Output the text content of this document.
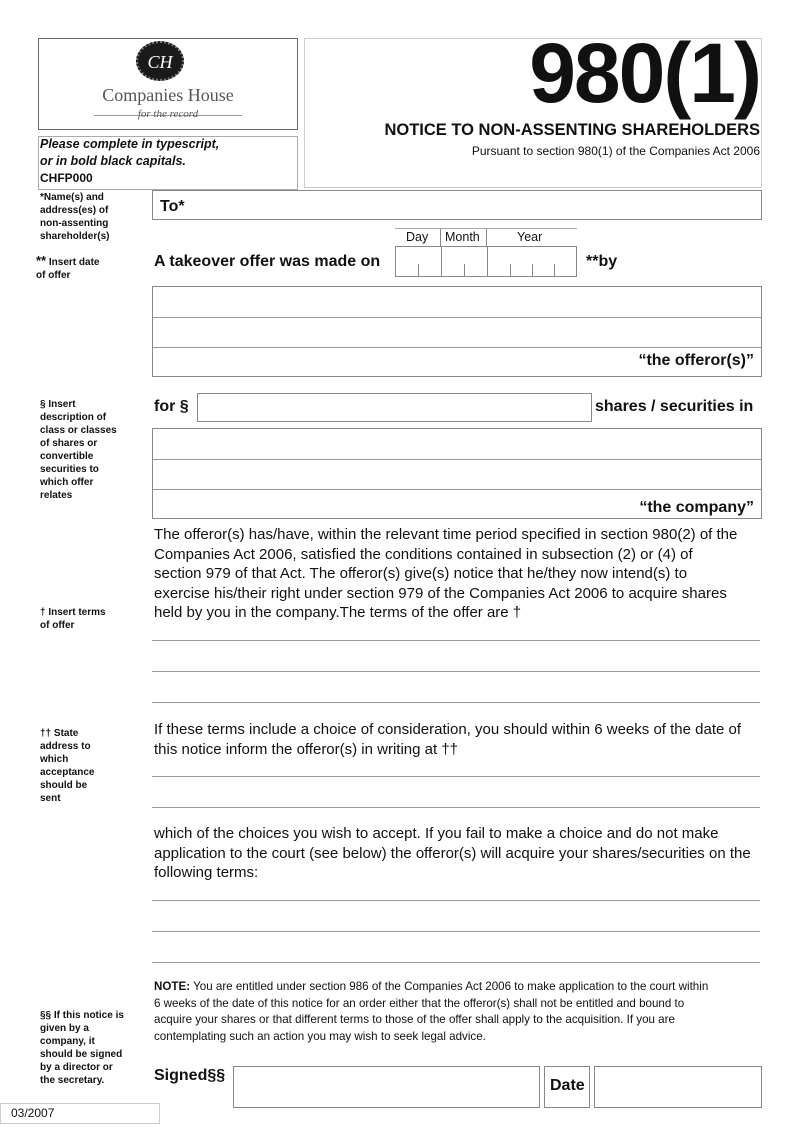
CH
Companies House
for the record
Please complete in typescript,
or in bold black capitals.
CHFP000
980(1)
NOTICE TO NON-ASSENTING SHAREHOLDERS
Pursuant to section 980(1) of the Companies Act 2006
*Name(s) and
address(es) of
non-assenting
shareholder(s)
** Insert date
of offer
§ Insert
description of
class or classes
of shares or
convertible
securities to
which offer
relates
† Insert terms
of offer
†† State
address to
which
acceptance
should be
sent
§§ If this notice is
given by a
company, it
should be signed
by a director or
the secretary.
To*
Day Month	Year
A takeover offer was made on	**by
“the offeror(s)”
for §	shares / securities in
“the company”
The offeror(s) has/have, within the relevant time period specified in section 980(2) of the
Companies Act 2006, satisfied the conditions contained in subsection (2) or (4) of
section 979 of that Act. The offeror(s) give(s) notice that he/they now intend(s) to
exercise his/their right under section 979 of the Companies Act 2006 to acquire shares
held by you in the company.The terms of the offer are †
If these terms include a choice of consideration, you should within 6 weeks of the date of
this notice inform the offeror(s) in writing at ††
which of the choices you wish to accept. If you fail to make a choice and do not make
application to the court (see below) the offeror(s) will acquire your shares/securities on the
following terms:
NOTE: You are entitled under section 986 of the Companies Act 2006 to make application to the court within
6 weeks of the date of this notice for an order either that the offeror(s) shall not be entitled and bound to
acquire your shares or that different terms to those of the offer shall apply to the acquisition. If you are
contemplating such an action you may wish to seek legal advice.
Signed§§
Date
03/2007
